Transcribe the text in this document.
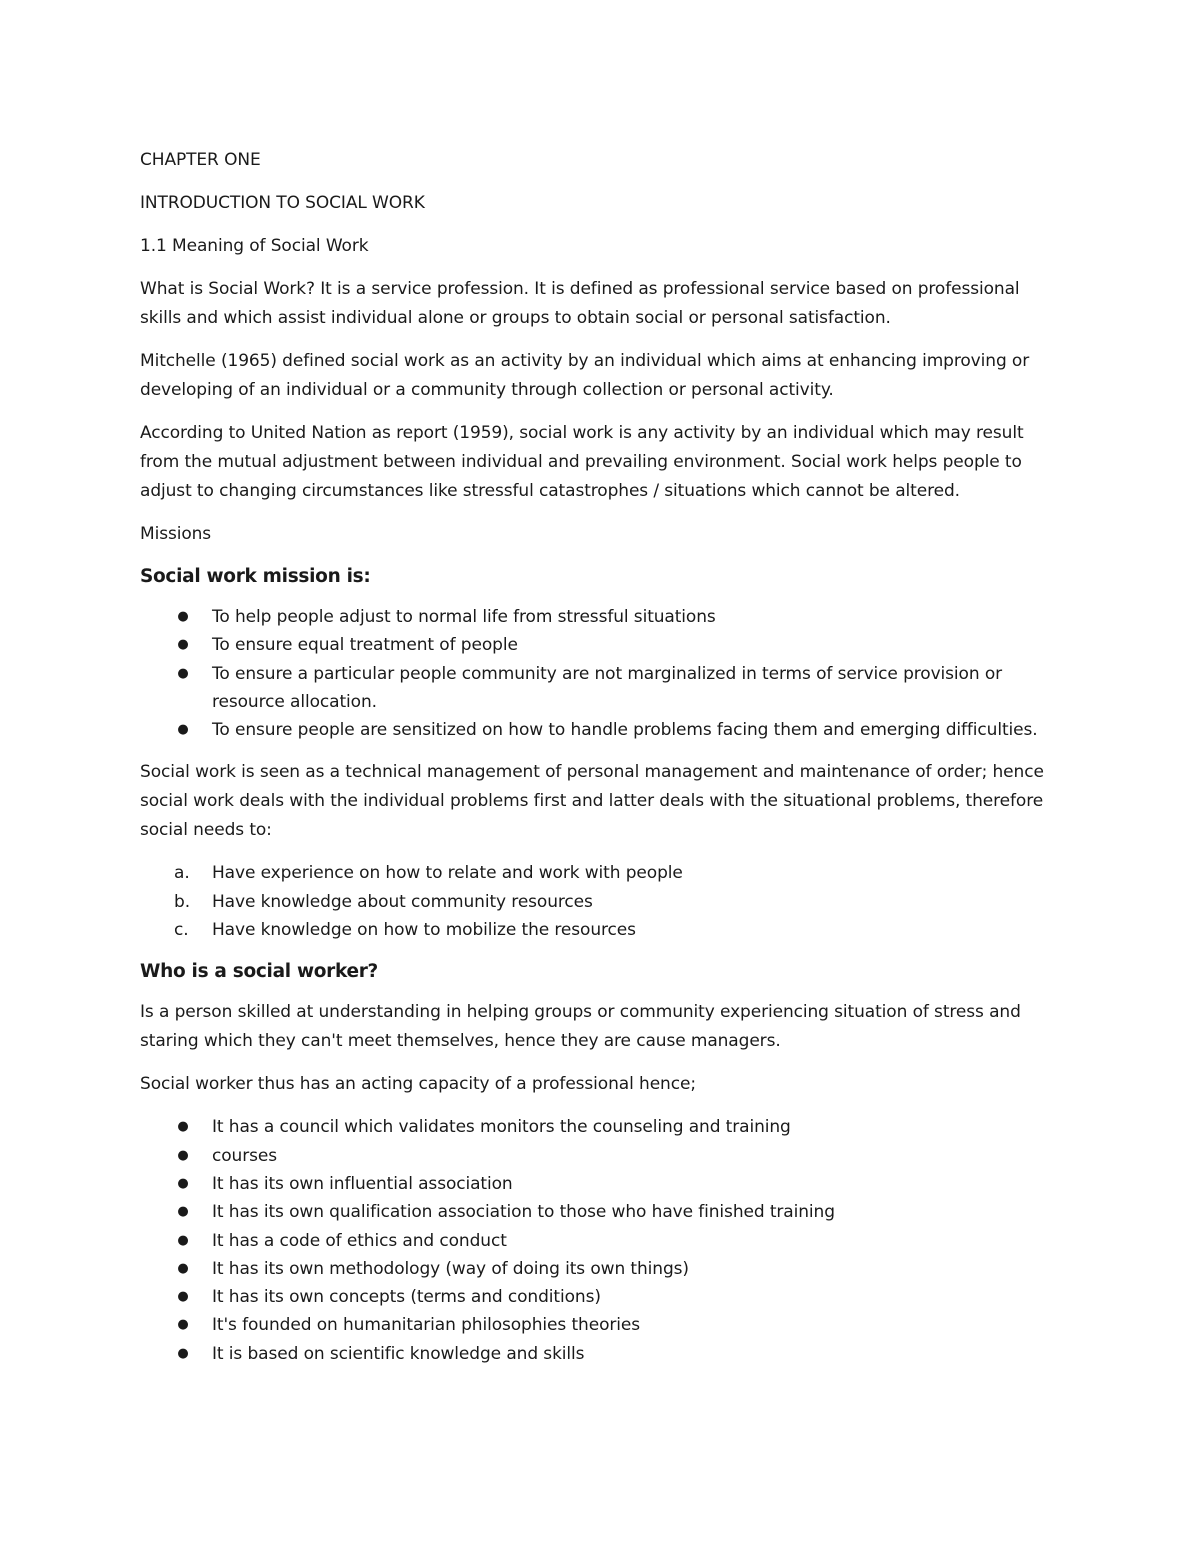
CHAPTER ONE

INTRODUCTION TO SOCIAL WORK

1.1 Meaning of Social Work

What is Social Work? It is a service profession. It is defined as professional service based on professional skills and which assist individual alone or groups to obtain social or personal satisfaction.

Mitchelle (1965) defined social work as an activity by an individual which aims at enhancing improving or developing of an individual or a community through collection or personal activity.

According to United Nation as report (1959), social work is any activity by an individual which may result from the mutual adjustment between individual and prevailing environment. Social work helps people to adjust to changing circumstances like stressful catastrophes / situations which cannot be altered.

Missions

Social work mission is:
● To help people adjust to normal life from stressful situations
● To ensure equal treatment of people
● To ensure a particular people community are not marginalized in terms of service provision or resource allocation.
● To ensure people are sensitized on how to handle problems facing them and emerging difficulties.

Social work is seen as a technical management of personal management and maintenance of order; hence social work deals with the individual problems first and latter deals with the situational problems, therefore social needs to:

a. Have experience on how to relate and work with people
b. Have knowledge about community resources
c. Have knowledge on how to mobilize the resources
Who is a social worker?

Is a person skilled at understanding in helping groups or community experiencing situation of stress and staring which they can't meet themselves, hence they are cause managers.

Social worker thus has an acting capacity of a professional hence;

● It has a council which validates monitors the counseling and training
● courses
● It has its own influential association
● It has its own qualification association to those who have finished training
● It has a code of ethics and conduct
● It has its own methodology (way of doing its own things)
● It has its own concepts (terms and conditions)
● It's founded on humanitarian philosophies theories
● It is based on scientific knowledge and skills
